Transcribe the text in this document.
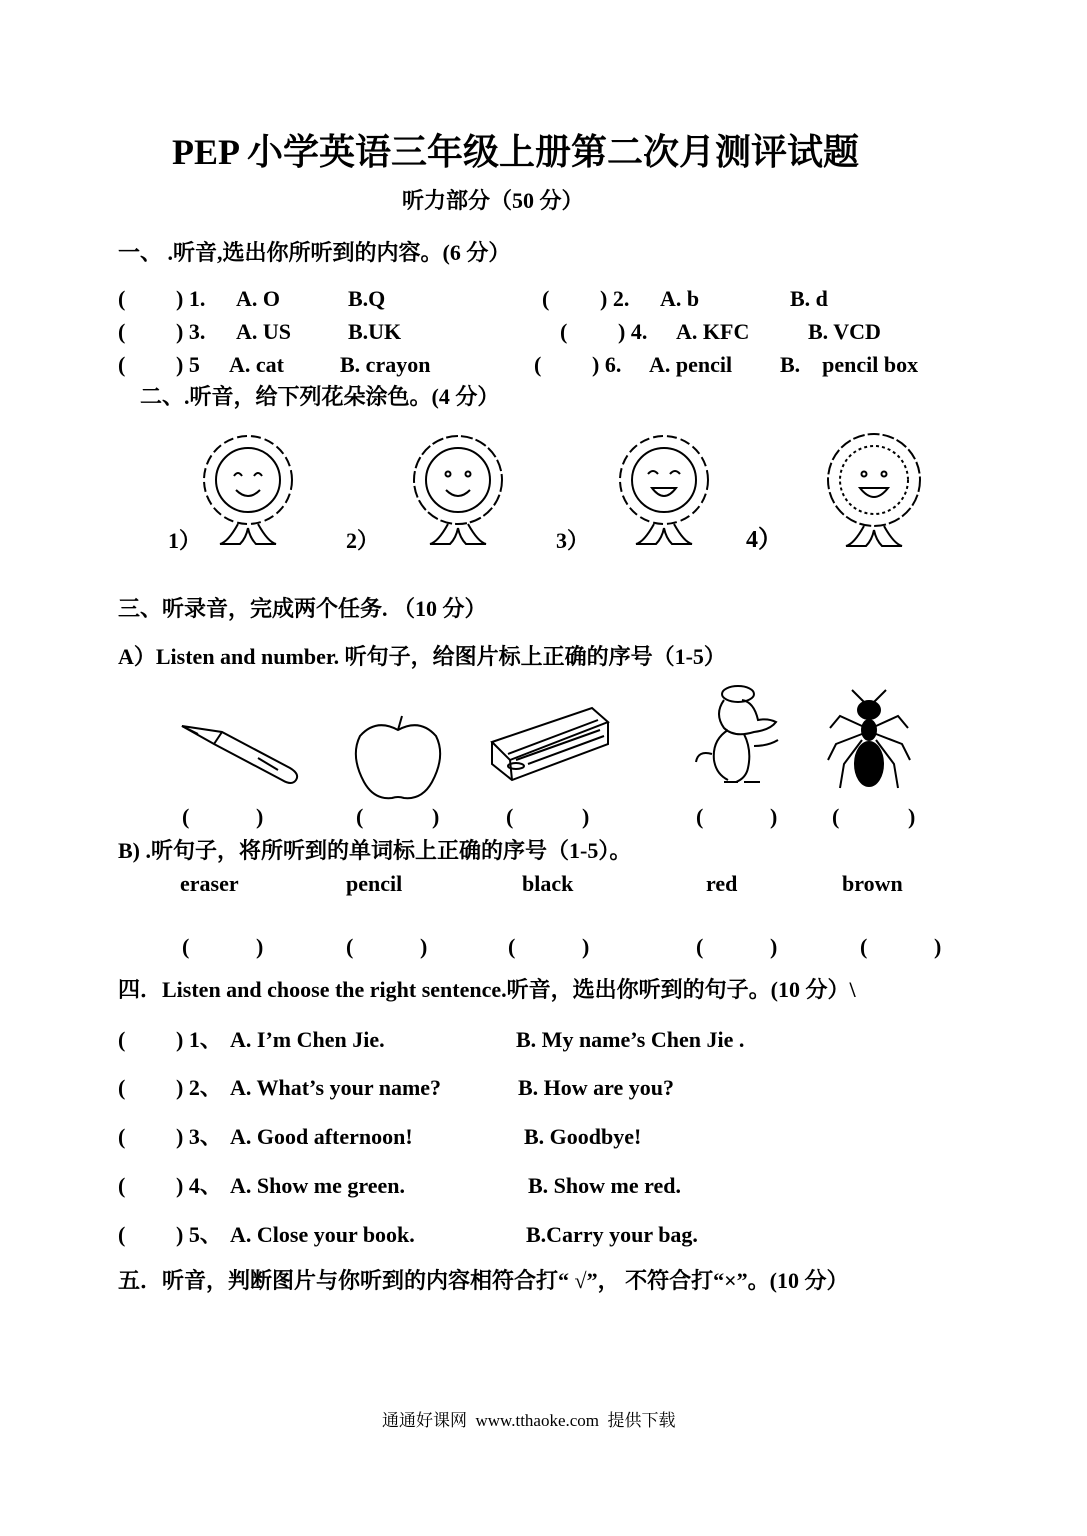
PEP 小学英语三年级上册第二次月测评试题
听力部分（50 分）
一、 .听音,选出你所听到的内容。(6 分）
( ) 1. A. O	B.Q	( ) 2. A. b	B. d
( ) 3. A. US	B.UK	( ) 4. A. KFC	B. VCD
( ) 5 A. cat	B. crayon	( ) 6. A. pencil B.    pencil box
二、.听音，给下列花朵涂色。(4 分）
1）	2）	3）	4）
三、听录音，完成两个任务. （10 分）
A）Listen and number. 听句子，给图片标上正确的序号（1-5）
(	)	(	)	(	)	(	) (	)
B) .听句子，将所听到的单词标上正确的序号（1-5）。
eraser	pencil	black	red	brown
(	)	(	)	(	)	(	)	(	)
四．Listen and choose the right sentence.听音，选出你听到的句子。(10 分）\
( ) 1、 A. I’m Chen Jie.	B. My name’s Chen Jie .
( ) 2、 A. What’s your name?	B. How are you?
( ) 3、 A. Good afternoon!	B. Goodbye!
( ) 4、 A. Show me green.	B. Show me red.
( ) 5、 A. Close your book.	B.Carry your bag.
五．听音，判断图片与你听到的内容相符合打“ √”， 不符合打“×”。(10 分）
通通好课网  www.tthaoke.com  提供下载
